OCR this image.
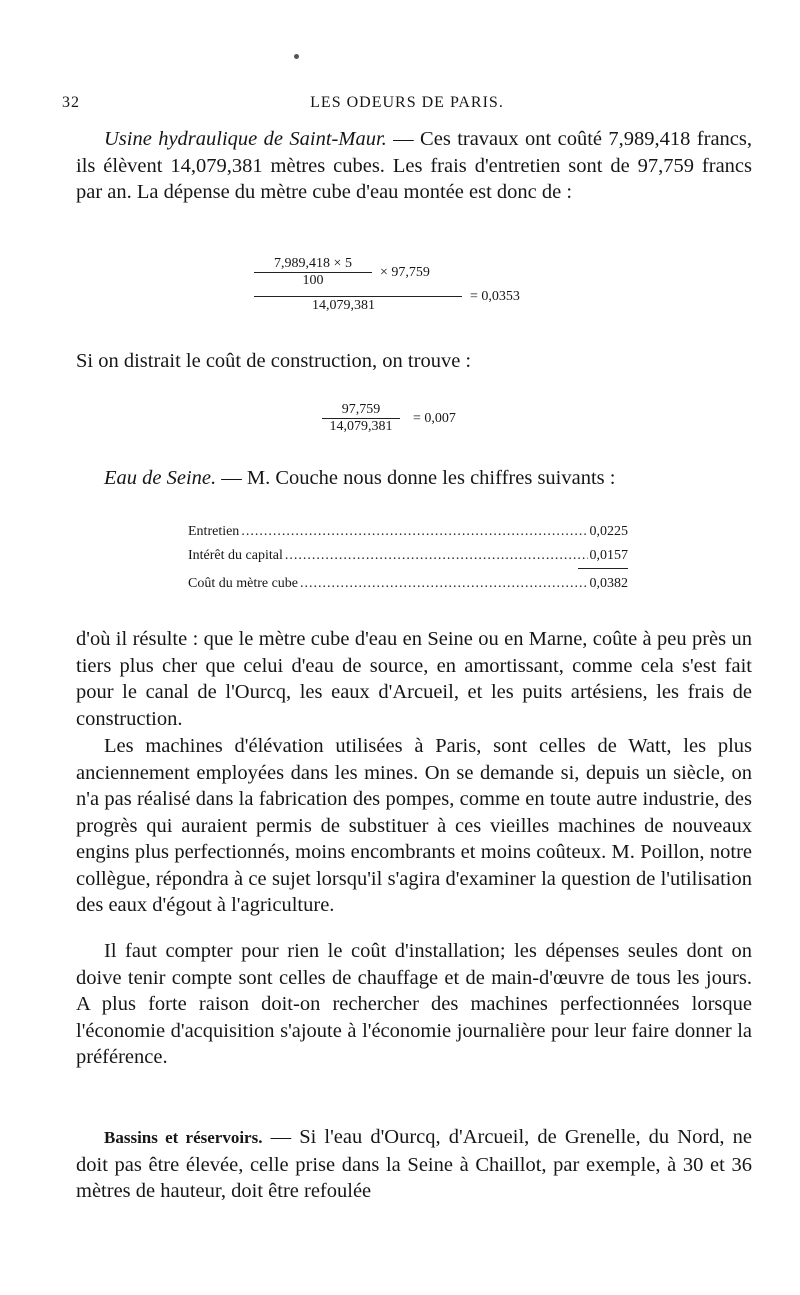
32	LES ODEURS DE PARIS.

Usine hydraulique de Saint-Maur. — Ces travaux ont coûté 7,989,418 francs, ils élèvent 14,079,381 mètres cubes. Les frais d'entretien sont de 97,759 francs par an. La dépense du mètre cube d'eau montée est donc de :

7,989,418 × 5
100
× 97,759
14,079,381
= 0,0353

Si on distrait le coût de construction, on trouve :

97,759
14,079,381
= 0,007

Eau de Seine. — M. Couche nous donne les chiffres suivants :

Entretien .....	0,0225
Intérêt du capital .....	0,0157
Coût du mètre cube .....	0,0382

d'où il résulte : que le mètre cube d'eau en Seine ou en Marne, coûte à peu près un tiers plus cher que celui d'eau de source, en amortissant, comme cela s'est fait pour le canal de l'Ourcq, les eaux d'Arcueil, et les puits artésiens, les frais de construction.

Les machines d'élévation utilisées à Paris, sont celles de Watt, les plus anciennement employées dans les mines. On se demande si, depuis un siècle, on n'a pas réalisé dans la fabrication des pompes, comme en toute autre industrie, des progrès qui auraient permis de substituer à ces vieilles machines de nouveaux engins plus perfectionnés, moins encombrants et moins coûteux. M. Poillon, notre collègue, répondra à ce sujet lorsqu'il s'agira d'examiner la question de l'utilisation des eaux d'égout à l'agriculture.

Il faut compter pour rien le coût d'installation; les dépenses seules dont on doive tenir compte sont celles de chauffage et de main-d'œuvre de tous les jours. A plus forte raison doit-on rechercher des machines perfectionnées lorsque l'économie d'acquisition s'ajoute à l'économie journalière pour leur faire donner la préférence.

Bassins et réservoirs. — Si l'eau d'Ourcq, d'Arcueil, de Grenelle, du Nord, ne doit pas être élevée, celle prise dans la Seine à Chaillot, par exemple, à 30 et 36 mètres de hauteur, doit être refoulée
